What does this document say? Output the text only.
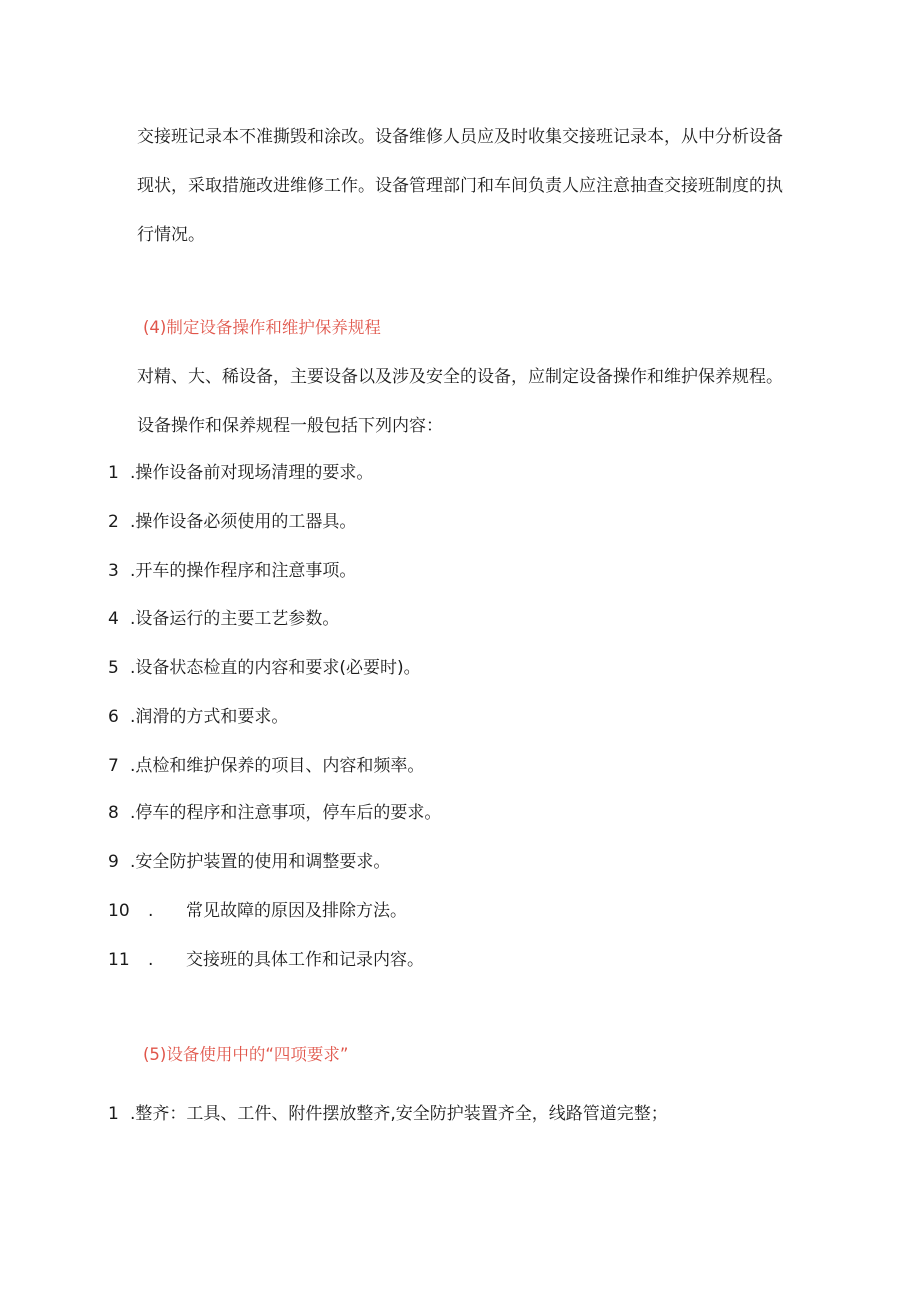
交接班记录本不准撕毁和涂改。设备维修人员应及时收集交接班记录本，从中分析设备
现状，采取措施改进维修工作。设备管理部门和车间负责人应注意抽查交接班制度的执
行情况。
(4)制定设备操作和维护保养规程
对精、大、稀设备，主要设备以及涉及安全的设备，应制定设备操作和维护保养规程。
设备操作和保养规程一般包括下列内容：
1 .操作设备前对现场清理的要求。
2 .操作设备必须使用的工器具。
3 .开车的操作程序和注意事项。
4 .设备运行的主要工艺参数。
5 .设备状态检直的内容和要求(必要时)。
6 .润滑的方式和要求。
7 .点检和维护保养的项目、内容和频率。
8 .停车的程序和注意事项，停车后的要求。
9 .安全防护装置的使用和调整要求。
10 . 常见故障的原因及排除方法。
11 . 交接班的具体工作和记录内容。
(5)设备使用中的“四项要求”
1 .整齐：工具、工件、附件摆放整齐,安全防护装置齐全，线路管道完整；
